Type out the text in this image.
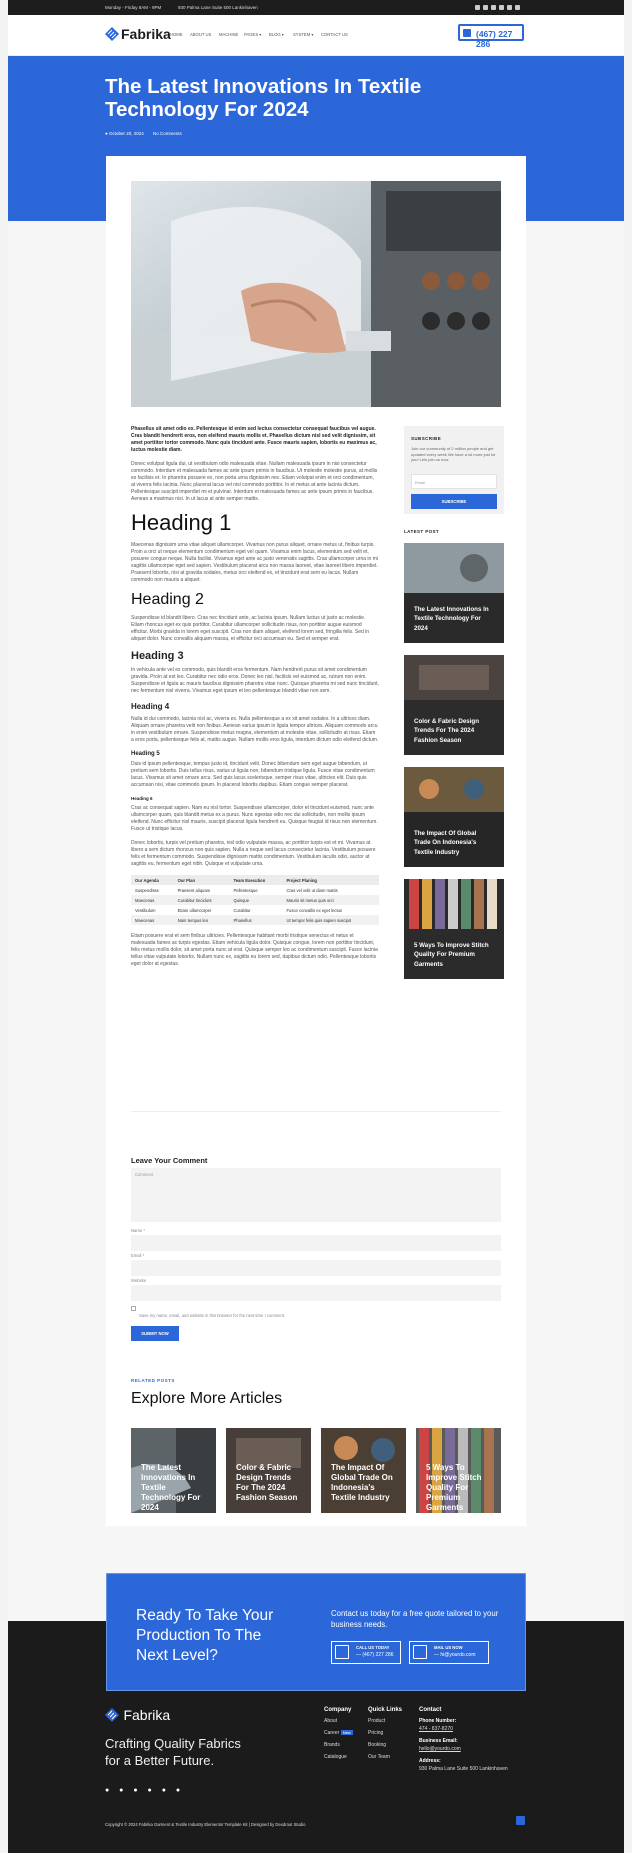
Monday - Friday 8AM - 9PM	930 Palma Lane Suite 500 Lankinhaven
Fabrika HOME ABOUT US MACHINE PAGES ▾ BLOG ▾ SYSTEM ▾ CONTACT US	(467) 227 286
The Latest Innovations In Textile Technology For 2024
● October 20, 2024 No Comments

Phasellus sit amet odio ex. Pellentesque id enim sed lectus consectetur consequat faucibus vel augue. Cras blandit hendrerit eros, non eleifend mauris mollis et. Phasellus dictum nisl sed velit dignissim, sit amet porttitor tortor commodo. Nunc quis tincidunt ante. Fusce mauris sapien, lobortis eu maximus ac, luctus molestie diam.

Donec volutpat ligula dui, ut vestibulum odio malesuada vitae. Nullam malesuada ipsum in nisi consectetur commodo. Interdum et malesuada fames ac ante ipsum primis in faucibus. Ut molestie molestie purus, at mollis ex facilisis et. In pharetra posuere ex, non porta urna dignissim nec. Etiam volutpat enim et orci condimentum, at viverra felis lacinia. Nunc placerat lacus vel nisl commodo porttitor. In et metus at ante lacinia dictum. Pellentesque suscipit imperdiet mi et pulvinar. Interdum et malesuada fames ac ante ipsum primis in faucibus. Aenean a maximus nisi. In ut lacus at ante semper mattis.

Heading 1

Maecenas dignissim urna vitae aliquet ullamcorper. Vivamus non purus aliquet, ornare metus ut, finibus turpis. Proin a orci ut neque elementum condimentum eget vel quam. Vivamus enim lacus, elementum sed velit et, posuere congue neque. Nulla facilisi. Vivamus eget ante ac justo venenatis sagittis. Cras ullamcorper urna in mi sagittis ullamcorper eget sed sapien. Vestibulum placerat arcu non massa laoreet, vitae laoreet libero imperdiet. Praesent lobortis, nisi at gravida sodales, metus orci eleifend ex, et tincidunt erat sem eu lacus. Nullam commodo non mauris a aliquet.

Heading 2

Suspendisse id blandit libero. Cras nec tincidunt ante, ac lacinia ipsum. Nullam luctus ut justo ac molestie. Etiam rhoncus eget ex quis porttitor. Curabitur ullamcorper sollicitudin risus, non porttitor augue euismod efficitur. Morbi gravida in lorem eget suscipit. Cras non diam aliquet, eleifend lorem sed, fringilla felis. Sed in aliquet dolor. Nunc convallis aliquam massa, et efficitur orci accumsan eu. Sed et semper erat.

Heading 3

In vehicula ante vel ex commodo, quis blandit eros fermentum. Nam hendrerit purus sit amet condimentum gravida. Proin at est leo. Curabitur nec odio eros. Donec leo nisl, facilisis vel euismod ac, rutrum non enim. Suspendisse et ligula ac mauris faucibus dignissim pharetra vitae nunc. Quisque pharetra mi sed nunc tincidunt, nec fermentum nisl viverra. Vivamus eget ipsum et leo pellentesque blandit vitae non sem.

Heading 4

Nulla id dui commodo, lacinia nisl ac, viverra ex. Nulla pellentesque a ex sit amet sodales. In a ultrices diam. Aliquam ornare pharetra velit non finibus. Aenean varius ipsum in ligula tempor ultrices. Aliquam commodo arcu in enim vestibulum ornare. Suspendisse metus magna, elementum at molestie vitae, sollicitudin at risus. Etiam a eros porta, pellentesque felis at, mattis augue. Nullam mollis eros ligula, interdum dictum odio eleifend dictum.

Heading 5

Duis id ipsum pellentesque, tempus justo id, tincidunt velit. Donec bibendum sem eget augue bibendum, ut pretium sem lobortis. Duis tellus risus, varius ut ligula non, bibendum tristique ligula. Fusce vitae condimentum lacus. Vivamus sit amet ornare arcu. Sed quis lacus scelerisque, semper risus vitae, ultricies elit. Duis quis accumsan nisi, vitae commodo ipsum. In placerat lobortis dapibus. Etiam congue semper placerat.

Heading 6

Cras ac consequat sapien. Nam eu nisl tortor. Suspendisse ullamcorper, dolor et tincidunt euismod, nunc ante ullamcorper quam, quis blandit metus ex a purus. Nunc egestas odio nec dui sollicitudin, non mollis ipsum eleifend. Nunc efficitur nisl mauris, suscipit placerat ligula hendrerit eu. Quisque feugiat id risus non elementum. Fusce ut tristique lacus.

Donec lobortis, turpis vel pretium pharetra, nisl odio vulputate massa, ac porttitor turpis est et mi. Vivamus at libero a sem dictum rhoncus non quis sapien. Nulla a neque sed lacus consectetur lacinia. Vestibulum posuere felis et fermentum commodo. Suspendisse dignissim mattis condimentum. Vestibulum iaculis odio, auctor at sagittis eu, fermentum eget nibh. Quisque et vulputate urna.

Our Agenda	Our Plan	Team Execution	Project Planing
Suspendisse	Praesent aliquam	Pellentesque	Cras vel velit ut diam mattis
Maecenas	Curabitur tincidunt	Quisque	Mauris sit metus quis orci
Vestibulum	Etiam ullamcorper	Curabitur	Fusce convallis ex eget lectus
Maecenas	Nam tempus leo	Phasellus	Ut tempor felis quis sapien suscipit

Etiam posuere erat et sem finibus ultricies. Pellentesque habitant morbi tristique senectus et netus et malesuada fames ac turpis egestas. Etiam vehicula ligula dolor. Quisque congue, lorem non porttitor tincidunt, felis metus mollis dolor, sit amet porta nunc at erat. Quisque semper leo ac condimentum suscipit. Fusce lacinia tellus vitae vulputate lobortis. Nullam nunc ex, sagittis eu lorem sed, dapibus dictum odio. Pellentesque lobortis eget dolor at egestas.

SUBSCRIBE
Join our community of 2 million people and get updated every week We have a lot more just for you! Lets join us now
Email
SUBSCRIBE
LATEST POST
The Latest Innovations In Textile Technology For 2024
Color & Fabric Design Trends For The 2024 Fashion Season
The Impact Of Global Trade On Indonesia's Textile Industry
5 Ways To Improve Stitch Quality For Premium Garments
Leave Your Comment
Comment
Name *
Email *
Website
Save my name, email, and website in this browser for the next time I comment.
SUBMIT NOW
RELATED POSTS
Explore More Articles
The Latest Innovations In Textile Technology For 2024
Color & Fabric Design Trends For The 2024 Fashion Season
The Impact Of Global Trade On Indonesia's Textile Industry
5 Ways To Improve Stitch Quality For Premium Garments
Ready To Take Your Production To The Next Level?
Contact us today for a free quote tailored to your business needs.
CALL US TODAY
— (467) 227 286
MAIL US NOW
— hi@yourdo.com
Fabrika
Crafting Quality Fabrics for a Better Future.
● ● ● ● ● ●
Company
About
Career New
Brands
Catalogue
Quick Links
Product
Pricing
Booking
Our Team
Contact
Phone Number:
474 - 837-8270
Business Email:
hello@yourdo.com
Address:
930 Palma Lane Suite 500 Lankinhaven
Copyright © 2024 Fabrika Garment & Textile Industry Elementor Template Kit | Designed by Dexdrout Studio
